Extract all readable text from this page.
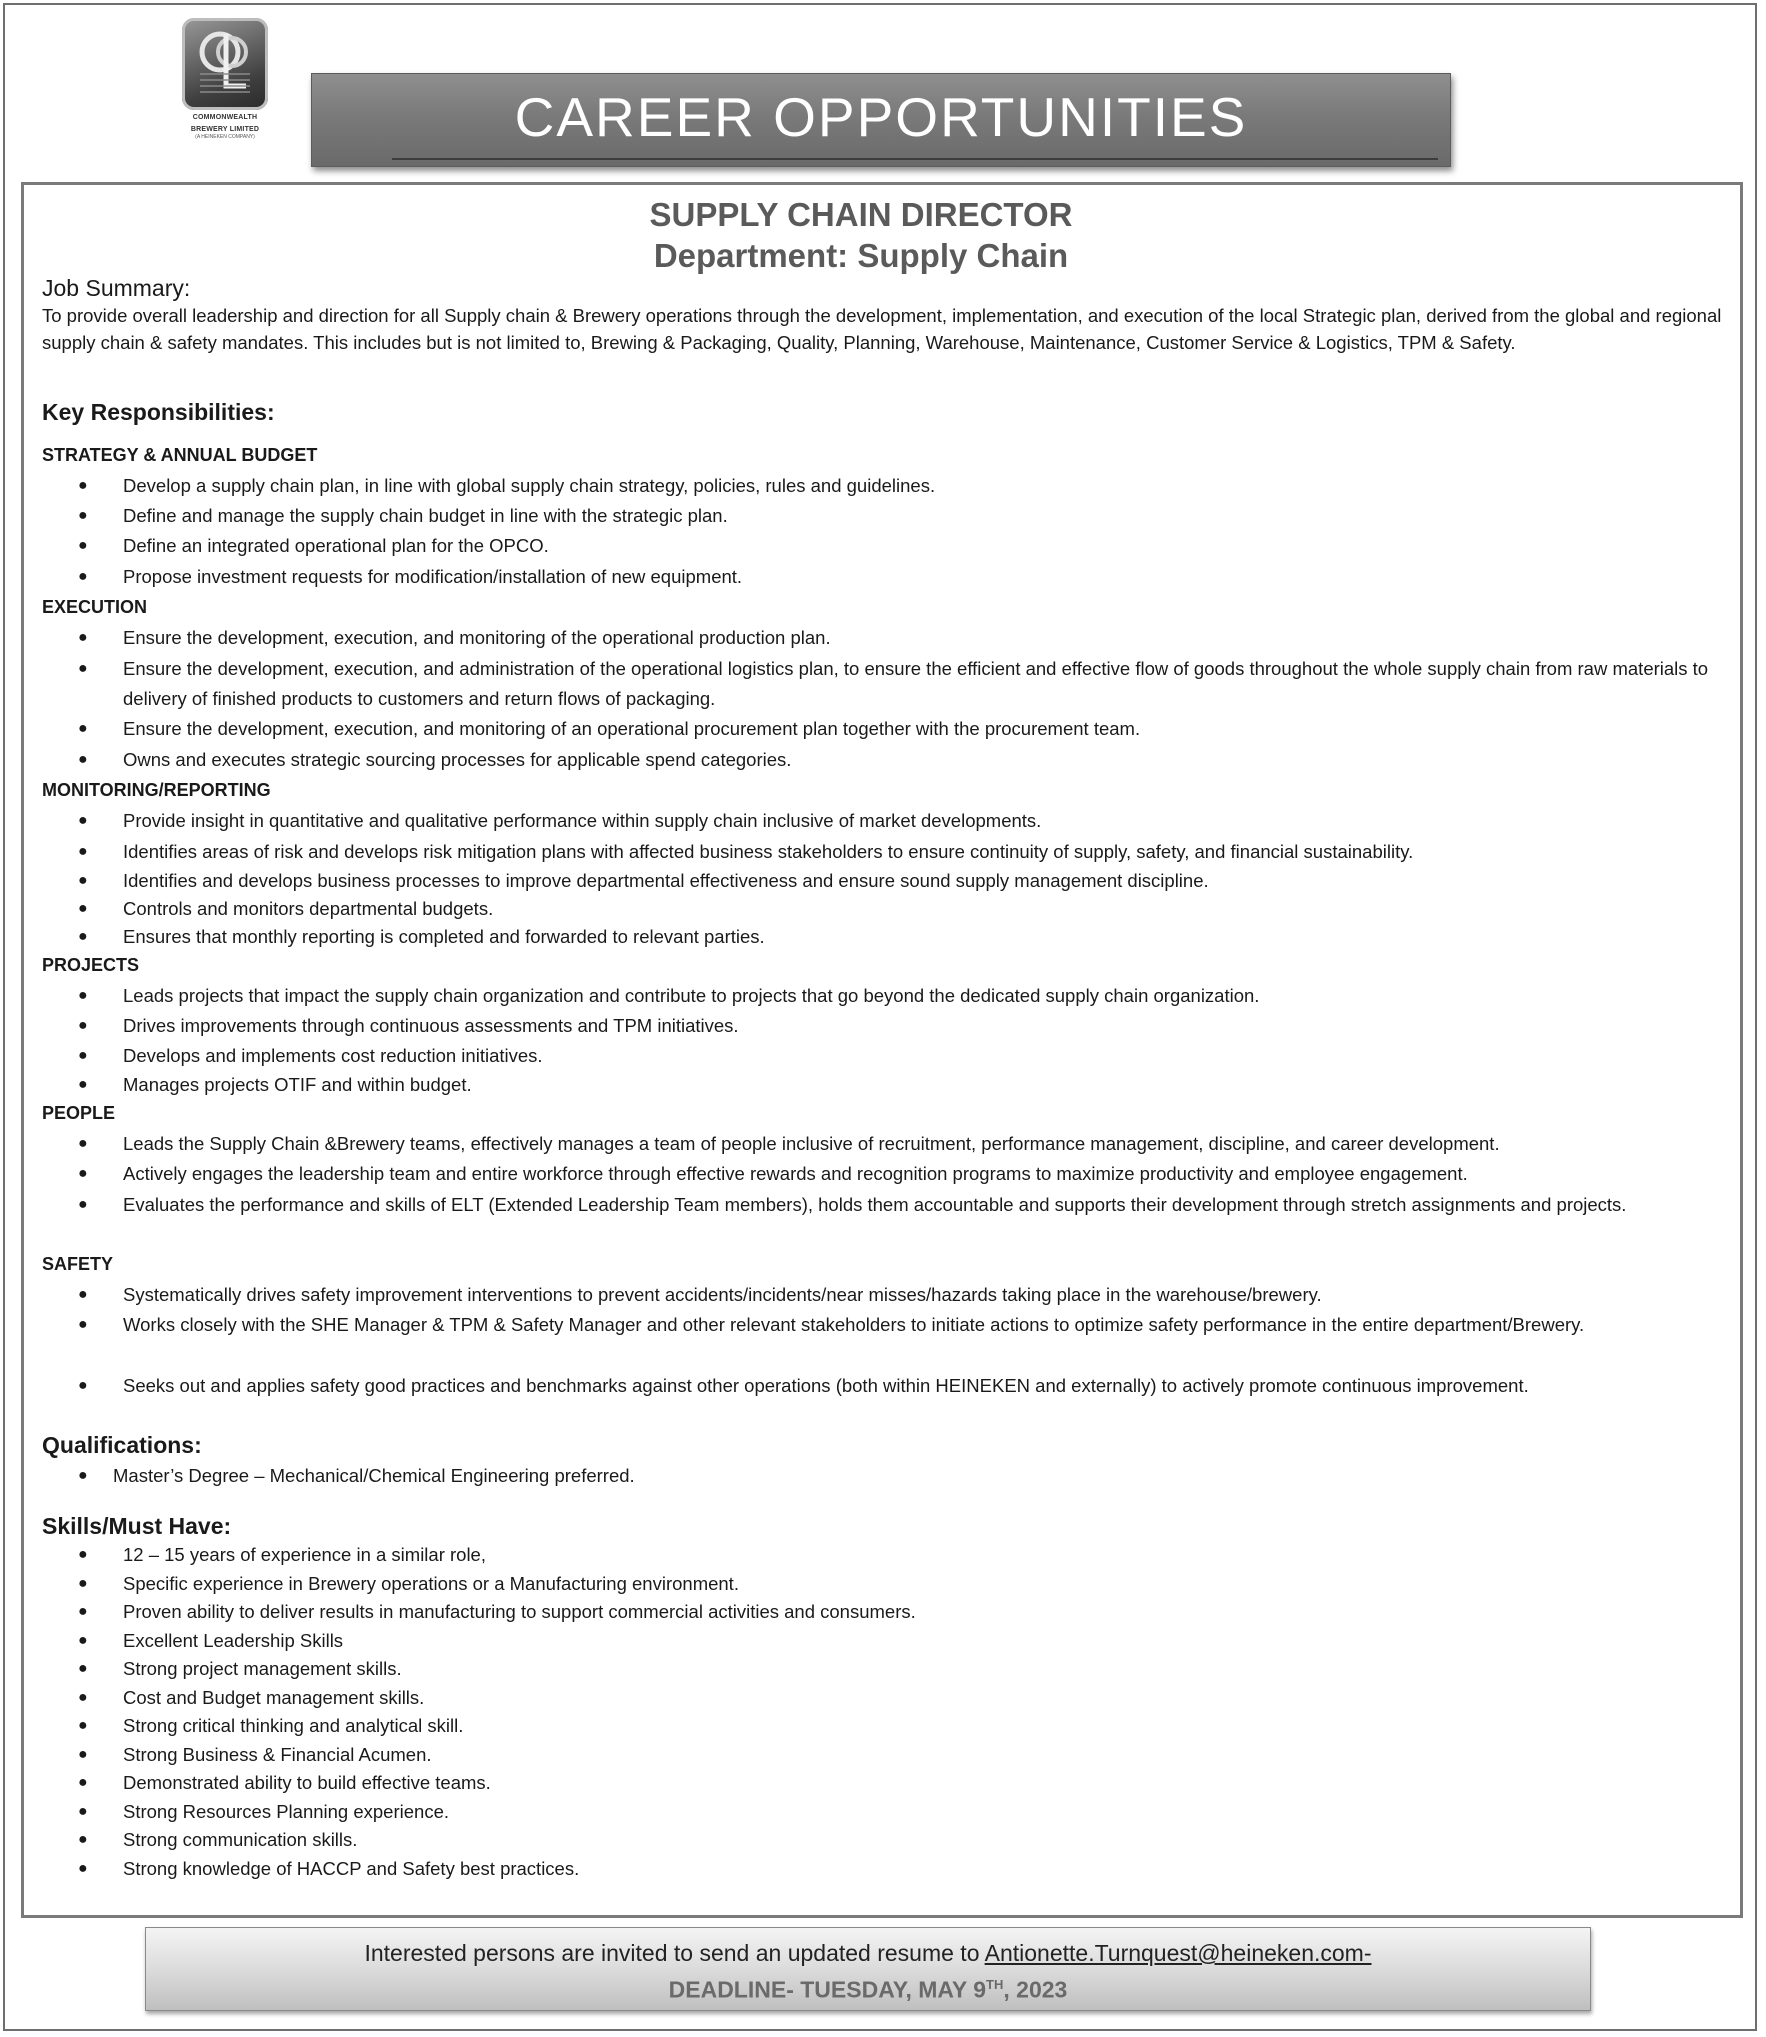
COMMONWEALTH
BREWERY LIMITED
(A HEINEKEN COMPANY)	CAREER OPPORTUNITIES
SUPPLY CHAIN DIRECTOR
Department: Supply Chain
Job Summary:
To provide overall leadership and direction for all Supply chain & Brewery operations through the development, implementation, and execution of the local Strategic plan, derived from the global and regional supply chain & safety mandates. This includes but is not limited to, Brewing & Packaging, Quality, Planning, Warehouse, Maintenance, Customer Service & Logistics, TPM & Safety.
Key Responsibilities:
STRATEGY & ANNUAL BUDGET
●	Develop a supply chain plan, in line with global supply chain strategy, policies, rules and guidelines.
●	Define and manage the supply chain budget in line with the strategic plan.
●	Define an integrated operational plan for the OPCO.
●	Propose investment requests for modification/installation of new equipment.
EXECUTION
●	Ensure the development, execution, and monitoring of the operational production plan.
●	Ensure the development, execution, and administration of the operational logistics plan, to ensure the efficient and effective flow of goods throughout the whole supply chain from raw materials to delivery of finished products to customers and return flows of packaging.
●	Ensure the development, execution, and monitoring of an operational procurement plan together with the procurement team.
●	Owns and executes strategic sourcing processes for applicable spend categories.
MONITORING/REPORTING
●	Provide insight in quantitative and qualitative performance within supply chain inclusive of market developments.
●	Identifies areas of risk and develops risk mitigation plans with affected business stakeholders to ensure continuity of supply, safety, and financial sustainability.
●	Identifies and develops business processes to improve departmental effectiveness and ensure sound supply management discipline.
●	Controls and monitors departmental budgets.
●	Ensures that monthly reporting is completed and forwarded to relevant parties.
PROJECTS
●	Leads projects that impact the supply chain organization and contribute to projects that go beyond the dedicated supply chain organization.
●	Drives improvements through continuous assessments and TPM initiatives.
●	Develops and implements cost reduction initiatives.
●	Manages projects OTIF and within budget.
PEOPLE
●	Leads the Supply Chain &Brewery teams, effectively manages a team of people inclusive of recruitment, performance management, discipline, and career development.
●	Actively engages the leadership team and entire workforce through effective rewards and recognition programs to maximize productivity and employee engagement.
●	Evaluates the performance and skills of ELT (Extended Leadership Team members), holds them accountable and supports their development through stretch assignments and projects.
SAFETY
●	Systematically drives safety improvement interventions to prevent accidents/incidents/near misses/hazards taking place in the warehouse/brewery.
●	Works closely with the SHE Manager & TPM & Safety Manager and other relevant stakeholders to initiate actions to optimize safety performance in the entire department/Brewery.
●	Seeks out and applies safety good practices and benchmarks against other operations (both within HEINEKEN and externally) to actively promote continuous improvement.
Qualifications:
●	Master’s Degree – Mechanical/Chemical Engineering preferred.
Skills/Must Have:
●	12 – 15 years of experience in a similar role,
●	Specific experience in Brewery operations or a Manufacturing environment.
●	Proven ability to deliver results in manufacturing to support commercial activities and consumers.
●	Excellent Leadership Skills
●	Strong project management skills.
●	Cost and Budget management skills.
●	Strong critical thinking and analytical skill.
●	Strong Business & Financial Acumen.
●	Demonstrated ability to build effective teams.
●	Strong Resources Planning experience.
●	Strong communication skills.
●	Strong knowledge of HACCP and Safety best practices.
Interested persons are invited to send an updated resume to Antionette.Turnquest@heineken.com-
DEADLINE- TUESDAY, MAY 9TH, 2023
